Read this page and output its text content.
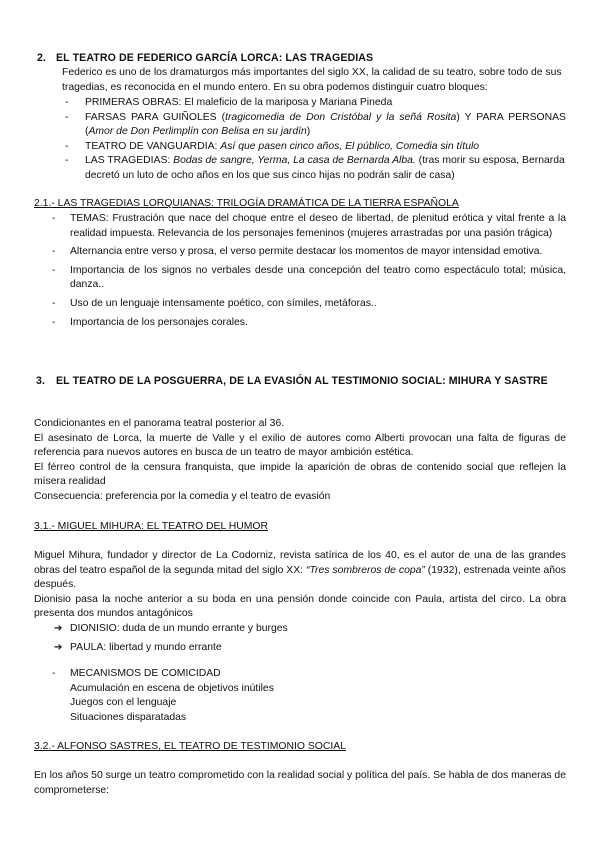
2. EL TEATRO DE FEDERICO GARCÍA LORCA: LAS TRAGEDIAS

Federico es uno de los dramaturgos más importantes del siglo XX, la calidad de su teatro, sobre todo de sus tragedias, es reconocida en el mundo entero. En su obra podemos distinguir cuatro bloques:

-	PRIMERAS OBRAS: El maleficio de la mariposa y Mariana Pineda
-	FARSAS PARA GUIÑOLES (tragicomedia de Don Cristóbal y la señá Rosita) Y PARA PERSONAS (Amor de Don Perlimplín con Belisa en su jardín)
-	TEATRO DE VANGUARDIA: Así que pasen cinco años, El público, Comedia sin título
-	LAS TRAGEDIAS: Bodas de sangre, Yerma, La casa de Bernarda Alba. (tras morir su esposa, Bernarda decretó un luto de ocho años en los que sus cinco hijas no podrán salir de casa)
2.1.- LAS TRAGEDIAS LORQUIANAS: TRILOGÍA DRAMÁTICA DE LA TIERRA ESPAÑOLA
-	TEMAS: Frustración que nace del choque entre el deseo de libertad, de plenitud erótica y vital frente a la realidad impuesta. Relevancia de los personajes femeninos (mujeres arrastradas por una pasión trágica)
-	Alternancia entre verso y prosa, el verso permite destacar los momentos de mayor intensidad emotiva.
-	Importancia de los signos no verbales desde una concepción del teatro como espectáculo total; música, danza..
-	Uso de un lenguaje intensamente poético, con símiles, metáforas..
-	Importancia de los personajes corales.
3. EL TEATRO DE LA POSGUERRA, DE LA EVASIÓN AL TESTIMONIO SOCIAL: MIHURA Y SASTRE

Condicionantes en el panorama teatral posterior al 36.

El asesinato de Lorca, la muerte de Valle y el exilio de autores como Alberti provocan una falta de figuras de referencia para nuevos autores en busca de un teatro de mayor ambición estética.

El férreo control de la censura franquista, que impide la aparición de obras de contenido social que reflejen la mísera realidad

Consecuencia: preferencia por la comedia y el teatro de evasión

3.1.- MIGUEL MIHURA: EL TEATRO DEL HUMOR

Miguel Mihura, fundador y director de La Codorniz, revista satírica de los 40, es el autor de una de las grandes obras del teatro español de la segunda mitad del siglo XX: “Tres sombreros de copa” (1932), estrenada veinte años después.

Dionisio pasa la noche anterior a su boda en una pensión donde coincide con Paula, artista del circo. La obra presenta dos mundos antagónicos

➔ DIONISIO: duda de un mundo errante y burges
➔ PAULA: libertad y mundo errante
-	MECANISMOS DE COMICIDAD
Acumulación en escena de objetivos inútiles
Juegos con el lenguaje
Situaciones disparatadas
3.2.- ALFONSO SASTRES, EL TEATRO DE TESTIMONIO SOCIAL

En los años 50 surge un teatro comprometido con la realidad social y política del país. Se habla de dos maneras de comprometerse:
